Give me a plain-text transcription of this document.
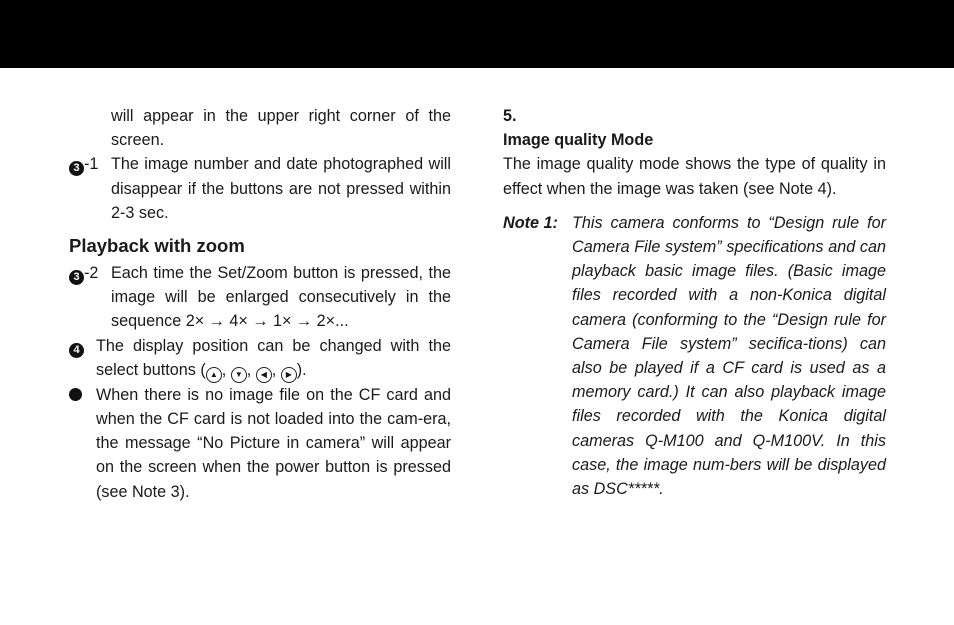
will appear in the upper right corner of the screen.
3 -1 The image number and date photographed will disappear if the buttons are not pressed within 2-3 sec.
Playback with zoom
3 -2 Each time the Set/Zoom button is pressed, the image will be enlarged consecutively in the sequence 2× → 4× → 1× → 2×...
4 The display position can be changed with the select buttons ( ▲ , ▼ , ◀ , ▶ ).
When there is no image file on the CF card and when the CF card is not loaded into the cam-era, the message “No Picture in camera” will appear on the screen when the power button is pressed (see Note 3).
5.
Image quality Mode
The image quality mode shows the type of quality in effect when the image was taken (see Note 4).
Note 1: This camera conforms to “Design rule for Camera File system” specifications and can playback basic image files. (Basic image files recorded with a non-Konica digital camera (conforming to the “Design rule for Camera File system” secifica-tions) can also be played if a CF card is used as a memory card.) It can also playback image files recorded with the Konica digital cameras Q-M100 and Q-M100V. In this case, the image num-bers will be displayed as DSC*****.
